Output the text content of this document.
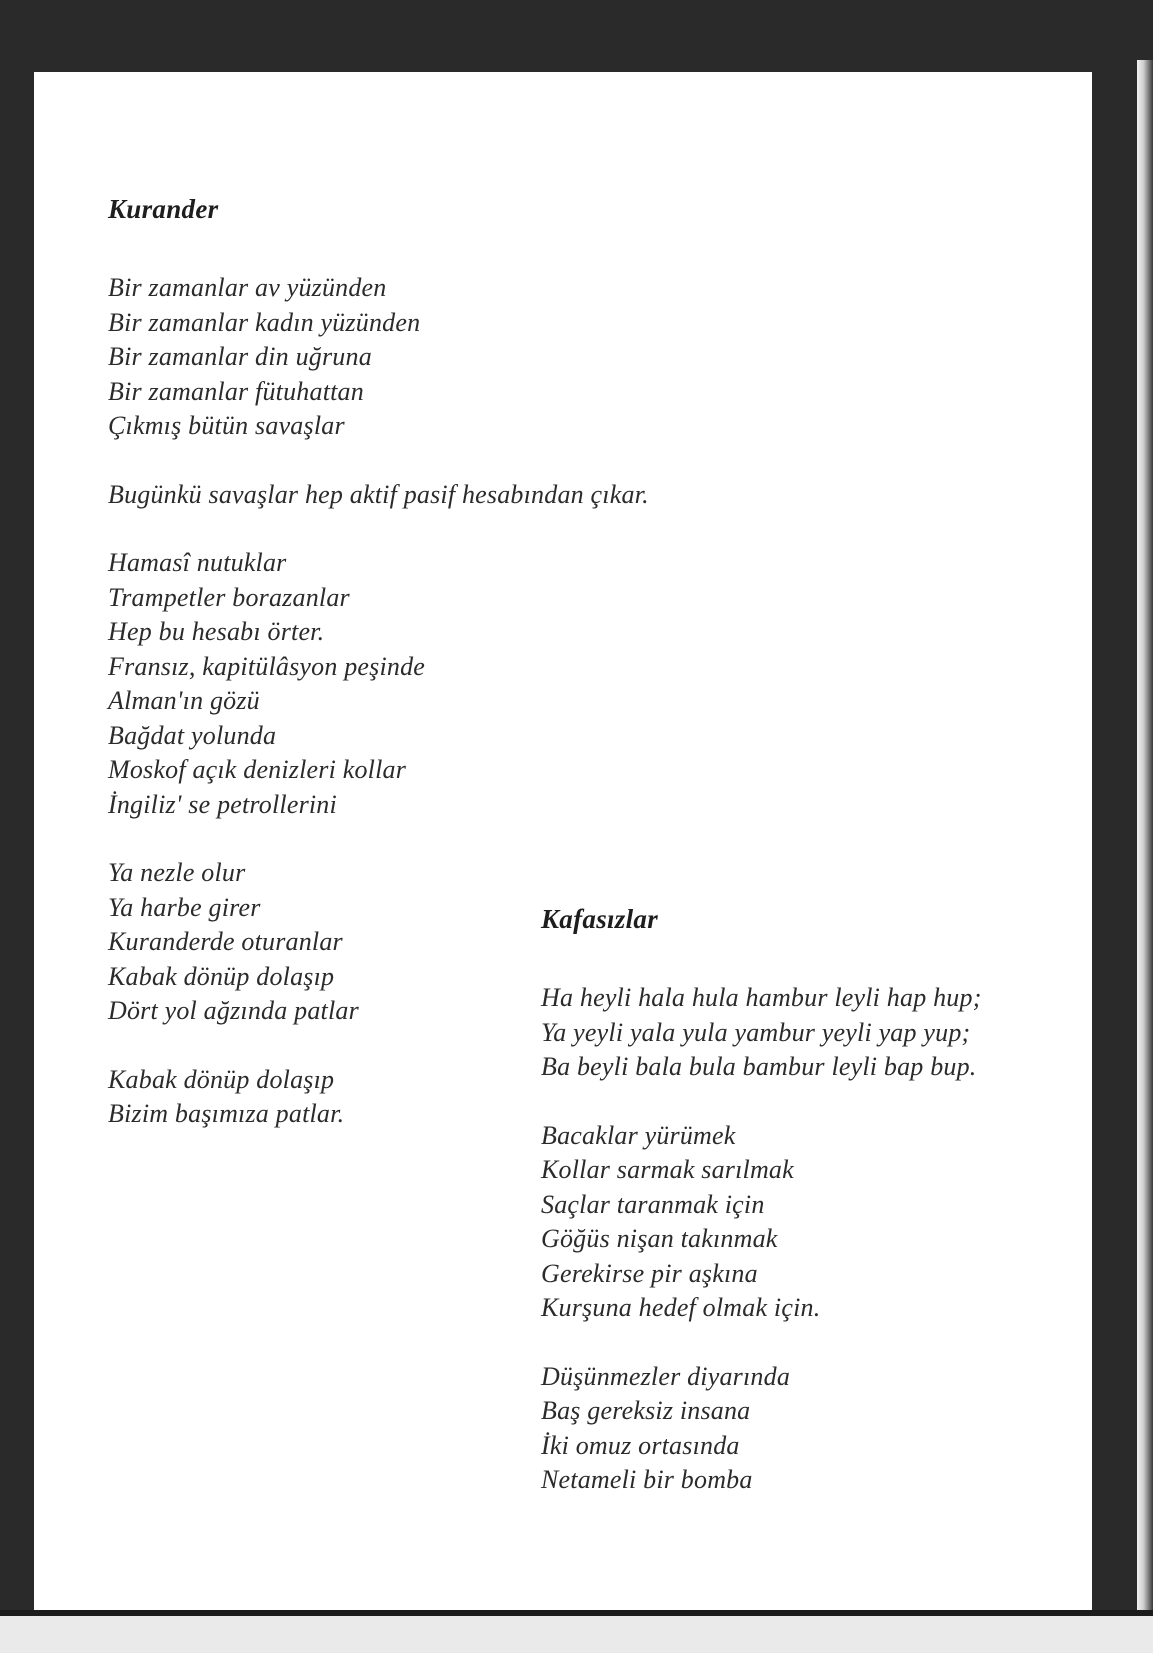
Kurander
Bir zamanlar av yüzünden
Bir zamanlar kadın yüzünden
Bir zamanlar din uğruna
Bir zamanlar fütuhattan
Çıkmış bütün savaşlar
Bugünkü savaşlar hep aktif pasif hesabından çıkar.
Hamasî nutuklar
Trampetler borazanlar
Hep bu hesabı örter.
Fransız, kapitülâsyon peşinde
Alman'ın gözü
Bağdat yolunda
Moskof açık denizleri kollar
İngiliz' se petrollerini
Ya nezle olur
Ya harbe girer
Kuranderde oturanlar
Kabak dönüp dolaşıp
Dört yol ağzında patlar
Kabak dönüp dolaşıp
Bizim başımıza patlar.
Kafasızlar
Ha heyli hala hula hambur leyli hap hup;
Ya yeyli yala yula yambur yeyli yap yup;
Ba beyli bala bula bambur leyli bap bup.
Bacaklar yürümek
Kollar sarmak sarılmak
Saçlar taranmak için
Göğüs nişan takınmak
Gerekirse pir aşkına
Kurşuna hedef olmak için.
Düşünmezler diyarında
Baş gereksiz insana
İki omuz ortasında
Netameli bir bomba
